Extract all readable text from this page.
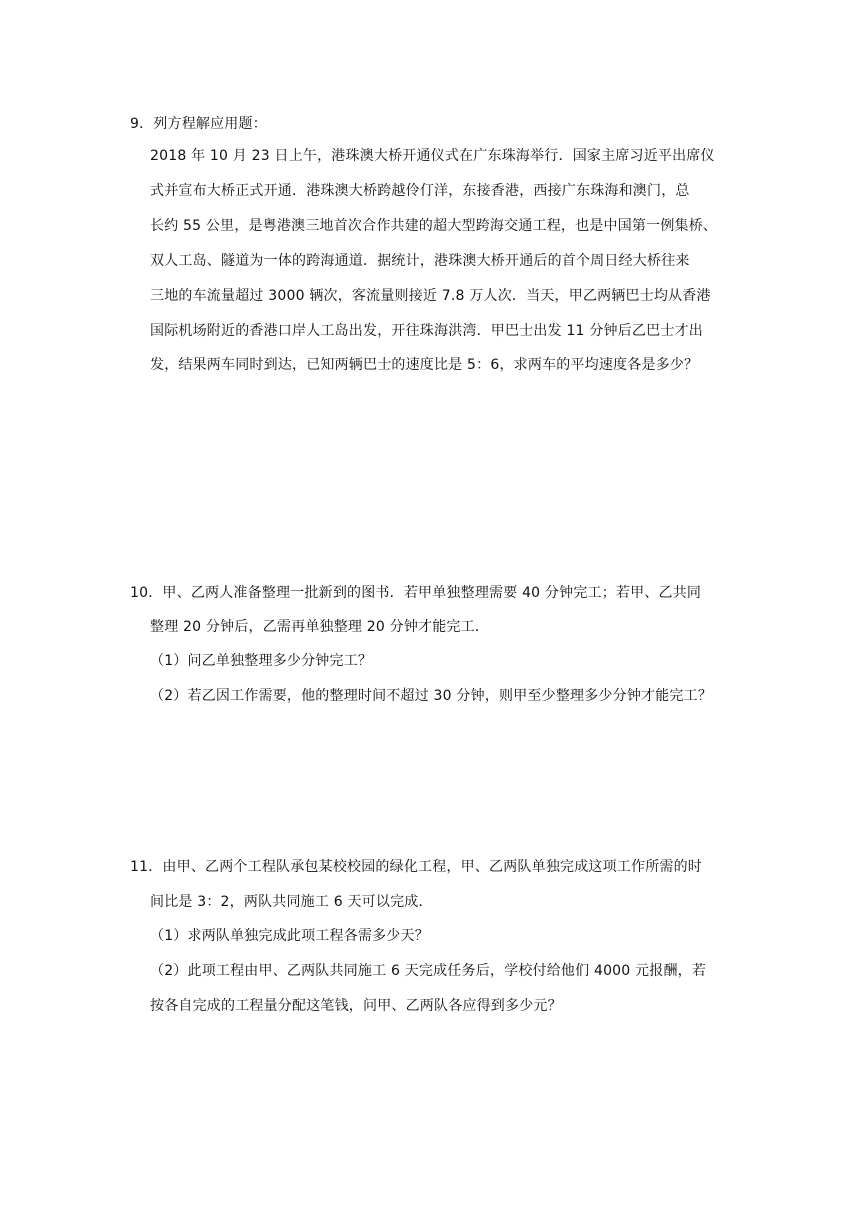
9．列方程解应用题：
2018 年 10 月 23 日上午，港珠澳大桥开通仪式在广东珠海举行．国家主席习近平出席仪
式并宣布大桥正式开通．港珠澳大桥跨越伶仃洋，东接香港，西接广东珠海和澳门，总
长约 55 公里，是粤港澳三地首次合作共建的超大型跨海交通工程，也是中国第一例集桥、
双人工岛、隧道为一体的跨海通道．据统计，港珠澳大桥开通后的首个周日经大桥往来
三地的车流量超过 3000 辆次，客流量则接近 7.8 万人次．当天，甲乙两辆巴士均从香港
国际机场附近的香港口岸人工岛出发，开往珠海洪湾．甲巴士出发 11 分钟后乙巴士才出
发，结果两车同时到达，已知两辆巴士的速度比是 5：6，求两车的平均速度各是多少？
10．甲、乙两人准备整理一批新到的图书．若甲单独整理需要 40 分钟完工；若甲、乙共同
整理 20 分钟后，乙需再单独整理 20 分钟才能完工．
（1）问乙单独整理多少分钟完工？
（2）若乙因工作需要，他的整理时间不超过 30 分钟，则甲至少整理多少分钟才能完工？
11．由甲、乙两个工程队承包某校校园的绿化工程，甲、乙两队单独完成这项工作所需的时
间比是 3：2，两队共同施工 6 天可以完成．
（1）求两队单独完成此项工程各需多少天？
（2）此项工程由甲、乙两队共同施工 6 天完成任务后，学校付给他们 4000 元报酬，若
按各自完成的工程量分配这笔钱，问甲、乙两队各应得到多少元？
